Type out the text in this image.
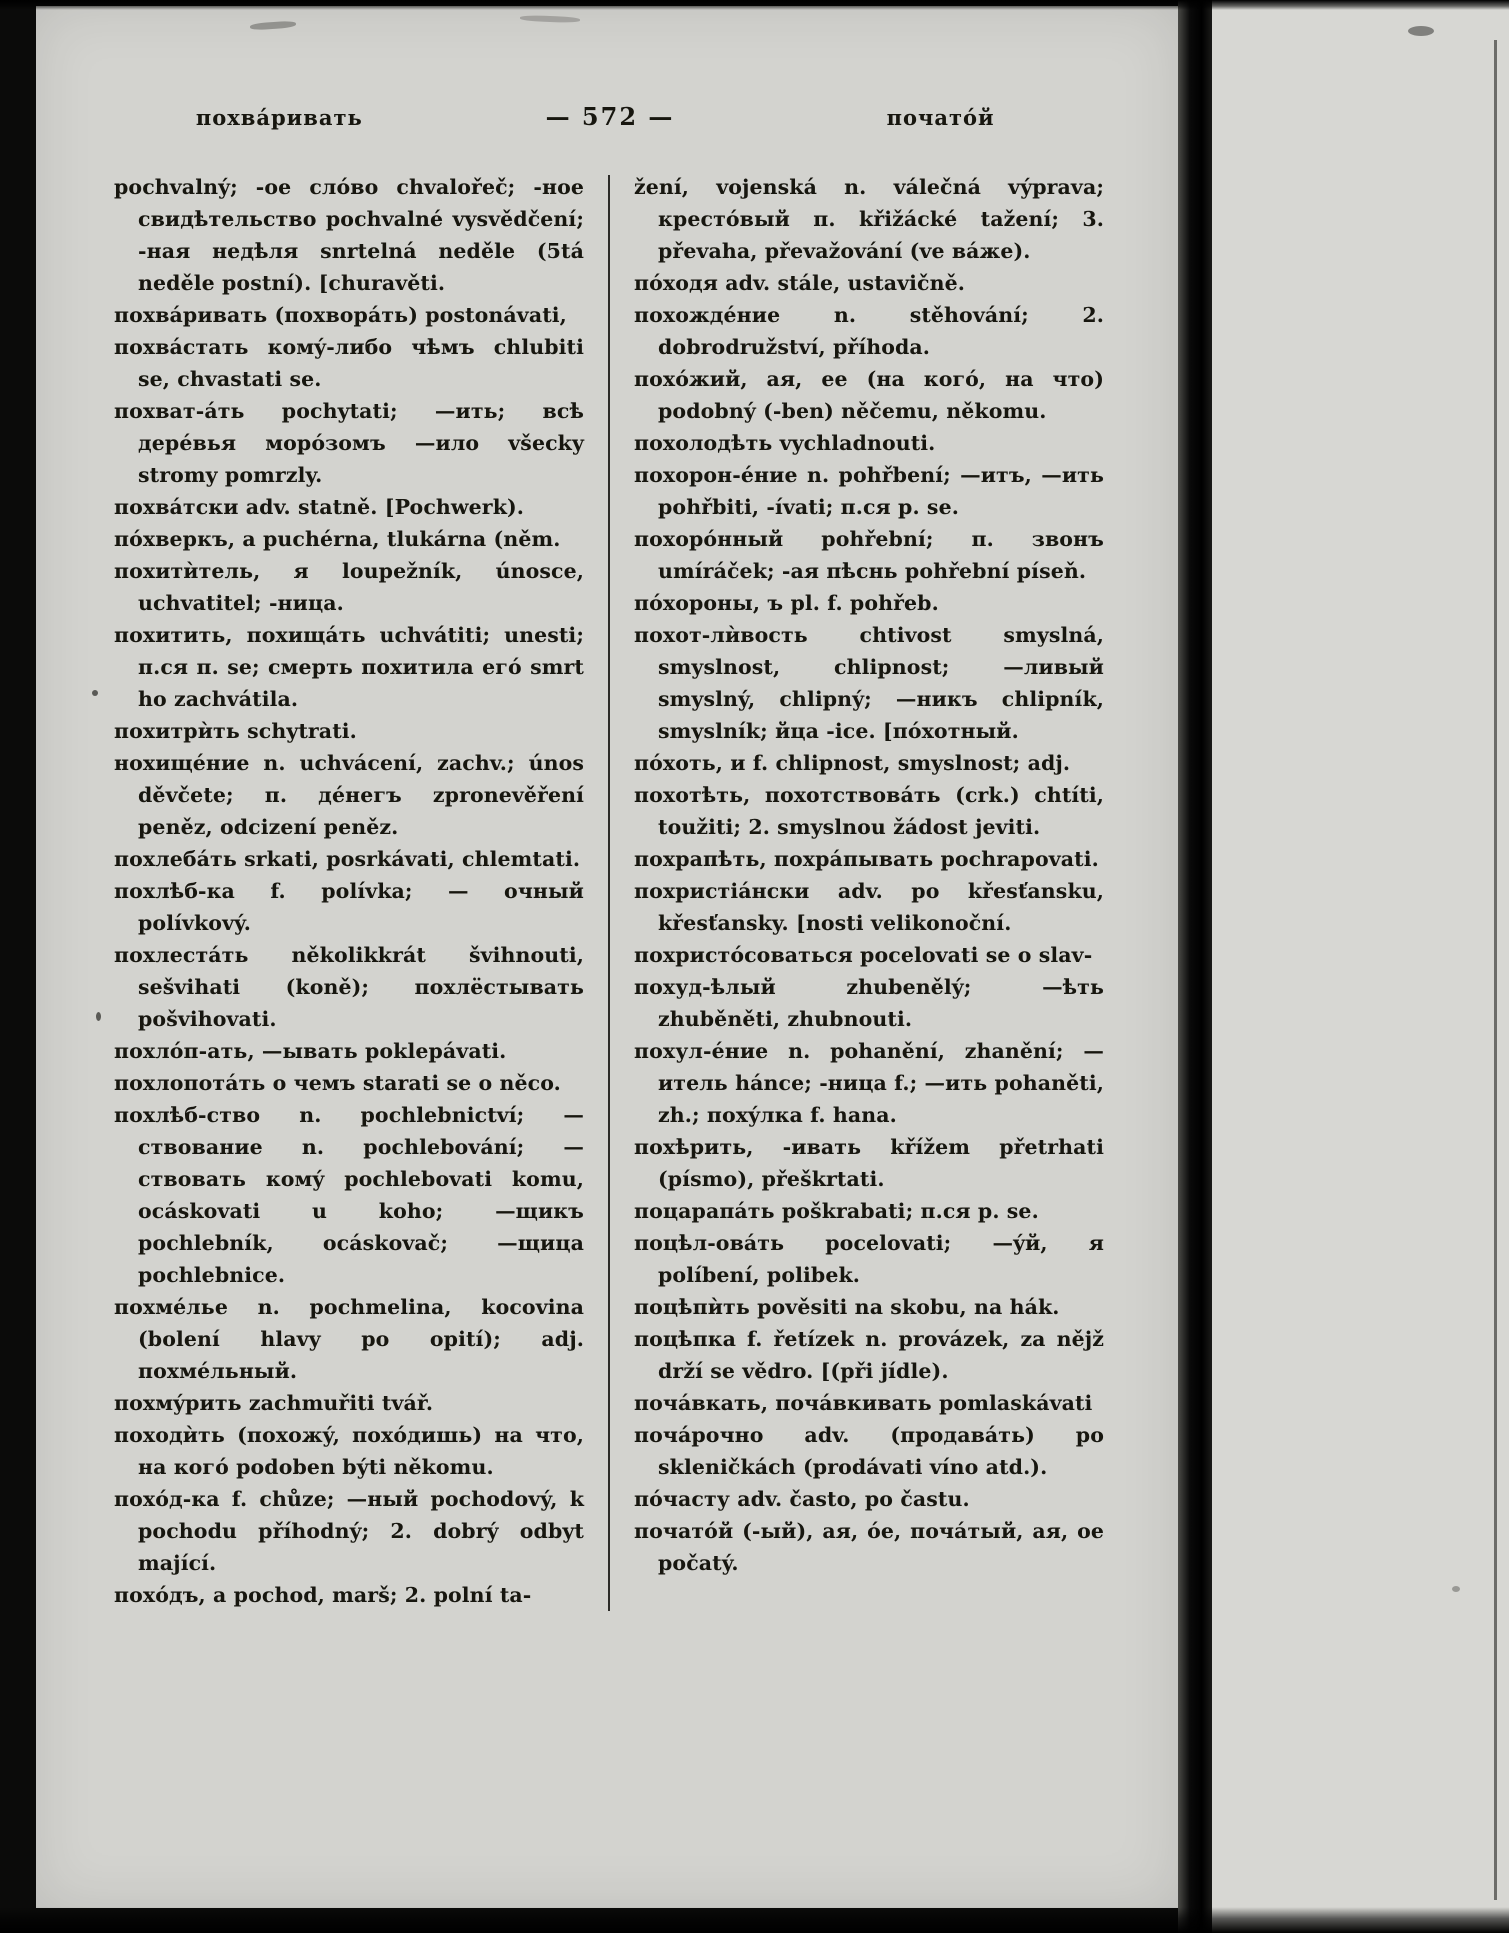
похвáривать	— 572 —	початóй

pochvalný; -ое слóво chvalořeč; -ное свидѣтельство pochvalné vysvědčení; -ная недѣля snrtelná neděle (5tá neděle postní). [churavěti.

похвáривать (похворáть) postonávati,

похвáстать комý-либо чѣмъ chlubiti se, chvastati se.

похват-áть pochytati; —ить; всѣ дерéвья морóзомъ —ило všecky stromy pomrzly.

похвáтски adv. statně. [Pochwerk).

пóхверкъ, a puchérna, tlukárna (něm.

похитѝтель, я loupežník, únosce, uchvatitel; -ница.

похитить, похищáть uchvátiti; unesti; п.ся п. se; смерть похитила егó smrt ho zachvátila.

похитрѝть schytrati.

нохищéние n. uchvácení, zachv.; únos děvčete; п. дéнегъ zpronevěření peněz, odcizení peněz.

похлебáть srkati, posrkávati, chlemtati.

похлѣб-ка f. polívka; — очный polívkový.

похлестáть několikkrát švihnouti, sešvihati (koně); похлёстывать pošvihovati.

похлóп-ать, —ывать poklepávati.

похлопотáть о чемъ starati se o něco.

похлѣб-ство n. pochlebnictví; —ствование n. pochlebování; —ствовать комý pochlebovati komu, ocáskovati u koho; —щикъ pochlebník, ocáskovač; —щица pochlebnice.

похмéлье n. pochmelina, kocovina (bolení hlavy po opití); adj. похмéльный.

похмýрить zachmuřiti tvář.

походѝть (похожý, похóдишь) на что, на когó podoben býti někomu.

похóд-ка f. chůze; —ный pochodový, k pochodu příhodný; 2. dobrý odbyt mající.

похóдъ, a pochod, marš; 2. polní ta-

žení, vojenská n. válečná výprava; крестóвый п. křižácké tažení; 3. převaha, převažování (ve вáже).

пóходя adv. stále, ustavičně.

похождéние n. stěhování; 2. dobrodružství, příhoda.

похóжий, ая, ее (на когó, на что) podobný (-ben) něčemu, někomu.

похолодѣть vychladnouti.

похорон-éние n. pohřbení; —итъ, —ить pohřbiti, -ívati; п.ся p. se.

похорóнный pohřební; п. звонъ umíráček; -ая пѣснь pohřební píseň.

пóхороны, ъ pl. f. pohřeb.

похот-лѝвость chtivost smyslná, smyslnost, chlipnost; —ливый smyslný, chlipný; —никъ chlipník, smyslník; йца -ice. [пóхотный.

пóхоть, и f. chlipnost, smyslnost; adj.

похотѣть, похотствовáть (crk.) chtíti, toužiti; 2. smyslnou žádost jeviti.

похрапѣть, похрáпывать pochrapovati.

похристiáнски adv. po křesťansku, křesťansky. [nosti velikonoční.

похристóсоваться pocelovati se o slav-

похуд-ѣлый zhubenělý; —ѣть zhuběněti, zhubnouti.

похул-éние n. pohanění, zhanění; —итель hánce; -ница f.; —ить pohaněti, zh.; похýлка f. hana.

похѣрить, -ивать křížem přetrhati (písmo), přeškrtati.

поцарапáть poškrabati; п.ся p. se.

поцѣл-овáть pocelovati; —ýй, я políbení, polibek.

поцѣпѝть pověsiti na skobu, na hák.

поцѣпка f. řetízek n. provázek, za nějž drží se vědro. [(při jídle).

почáвкать, почáвкивать pomlaskávati

почáрочно adv. (продавáть) po skleničkách (prodávati víno atd.).

пóчасту adv. často, po častu.

початóй (-ый), ая, óе, почáтый, ая, ое počatý.
